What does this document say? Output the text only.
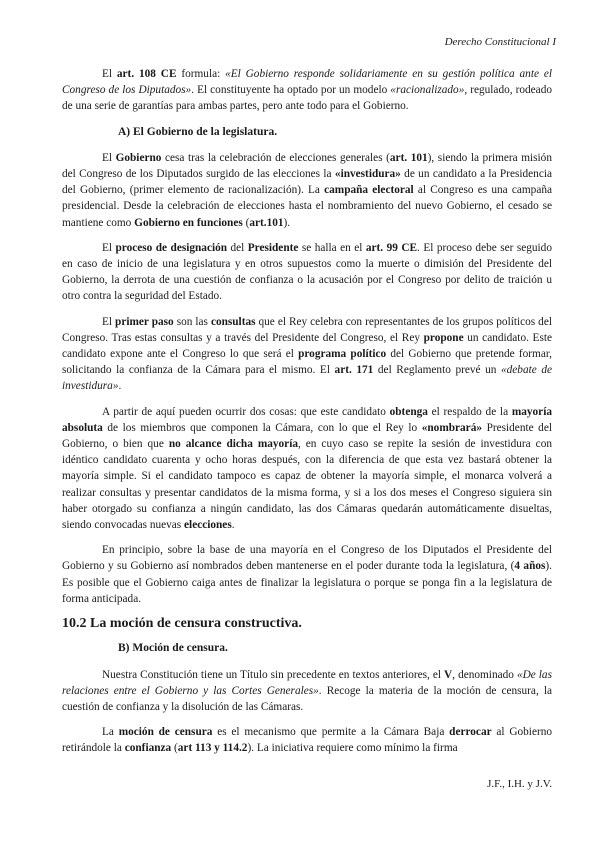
Derecho Constitucional I

El art. 108 CE formula: «El Gobierno responde solidariamente en su gestión política ante el Congreso de los Diputados». El constituyente ha optado por un modelo «racionalizado», regulado, rodeado de una serie de garantías para ambas partes, pero ante todo para el Gobierno.

A) El Gobierno de la legislatura.

El Gobierno cesa tras la celebración de elecciones generales (art. 101), siendo la primera misión del Congreso de los Diputados surgido de las elecciones la «investidura» de un candidato a la Presidencia del Gobierno, (primer elemento de racionalización). La campaña electoral al Congreso es una campaña presidencial. Desde la celebración de elecciones hasta el nombramiento del nuevo Gobierno, el cesado se mantiene como Gobierno en funciones (art.101).

El proceso de designación del Presidente se halla en el art. 99 CE. El proceso debe ser seguido en caso de inicio de una legislatura y en otros supuestos como la muerte o dimisión del Presidente del Gobierno, la derrota de una cuestión de confianza o la acusación por el Congreso por delito de traición u otro contra la seguridad del Estado.

El primer paso son las consultas que el Rey celebra con representantes de los grupos políticos del Congreso. Tras estas consultas y a través del Presidente del Congreso, el Rey propone un candidato. Este candidato expone ante el Congreso lo que será el programa político del Gobierno que pretende formar, solicitando la confianza de la Cámara para el mismo. El art. 171 del Reglamento prevé un «debate de investidura».

A partir de aquí pueden ocurrir dos cosas: que este candidato obtenga el respaldo de la mayoría absoluta de los miembros que componen la Cámara, con lo que el Rey lo «nombrará» Presidente del Gobierno, o bien que no alcance dicha mayoría, en cuyo caso se repite la sesión de investidura con idéntico candidato cuarenta y ocho horas después, con la diferencia de que esta vez bastará obtener la mayoría simple. Si el candidato tampoco es capaz de obtener la mayoría simple, el monarca volverá a realizar consultas y presentar candidatos de la misma forma, y si a los dos meses el Congreso siguiera sin haber otorgado su confianza a ningún candidato, las dos Cámaras quedarán automáticamente disueltas, siendo convocadas nuevas elecciones.

En principio, sobre la base de una mayoría en el Congreso de los Diputados el Presidente del Gobierno y su Gobierno así nombrados deben mantenerse en el poder durante toda la legislatura, (4 años). Es posible que el Gobierno caiga antes de finalizar la legislatura o porque se ponga fin a la legislatura de forma anticipada.

10.2 La moción de censura constructiva.
B) Moción de censura.

Nuestra Constitución tiene un Título sin precedente en textos anteriores, el V, denominado «De las relaciones entre el Gobierno y las Cortes Generales». Recoge la materia de la moción de censura, la cuestión de confianza y la disolución de las Cámaras.

La moción de censura es el mecanismo que permite a la Cámara Baja derrocar al Gobierno retirándole la confianza (art 113 y 114.2). La iniciativa requiere como mínimo la firma

J.F., I.H. y J.V.
